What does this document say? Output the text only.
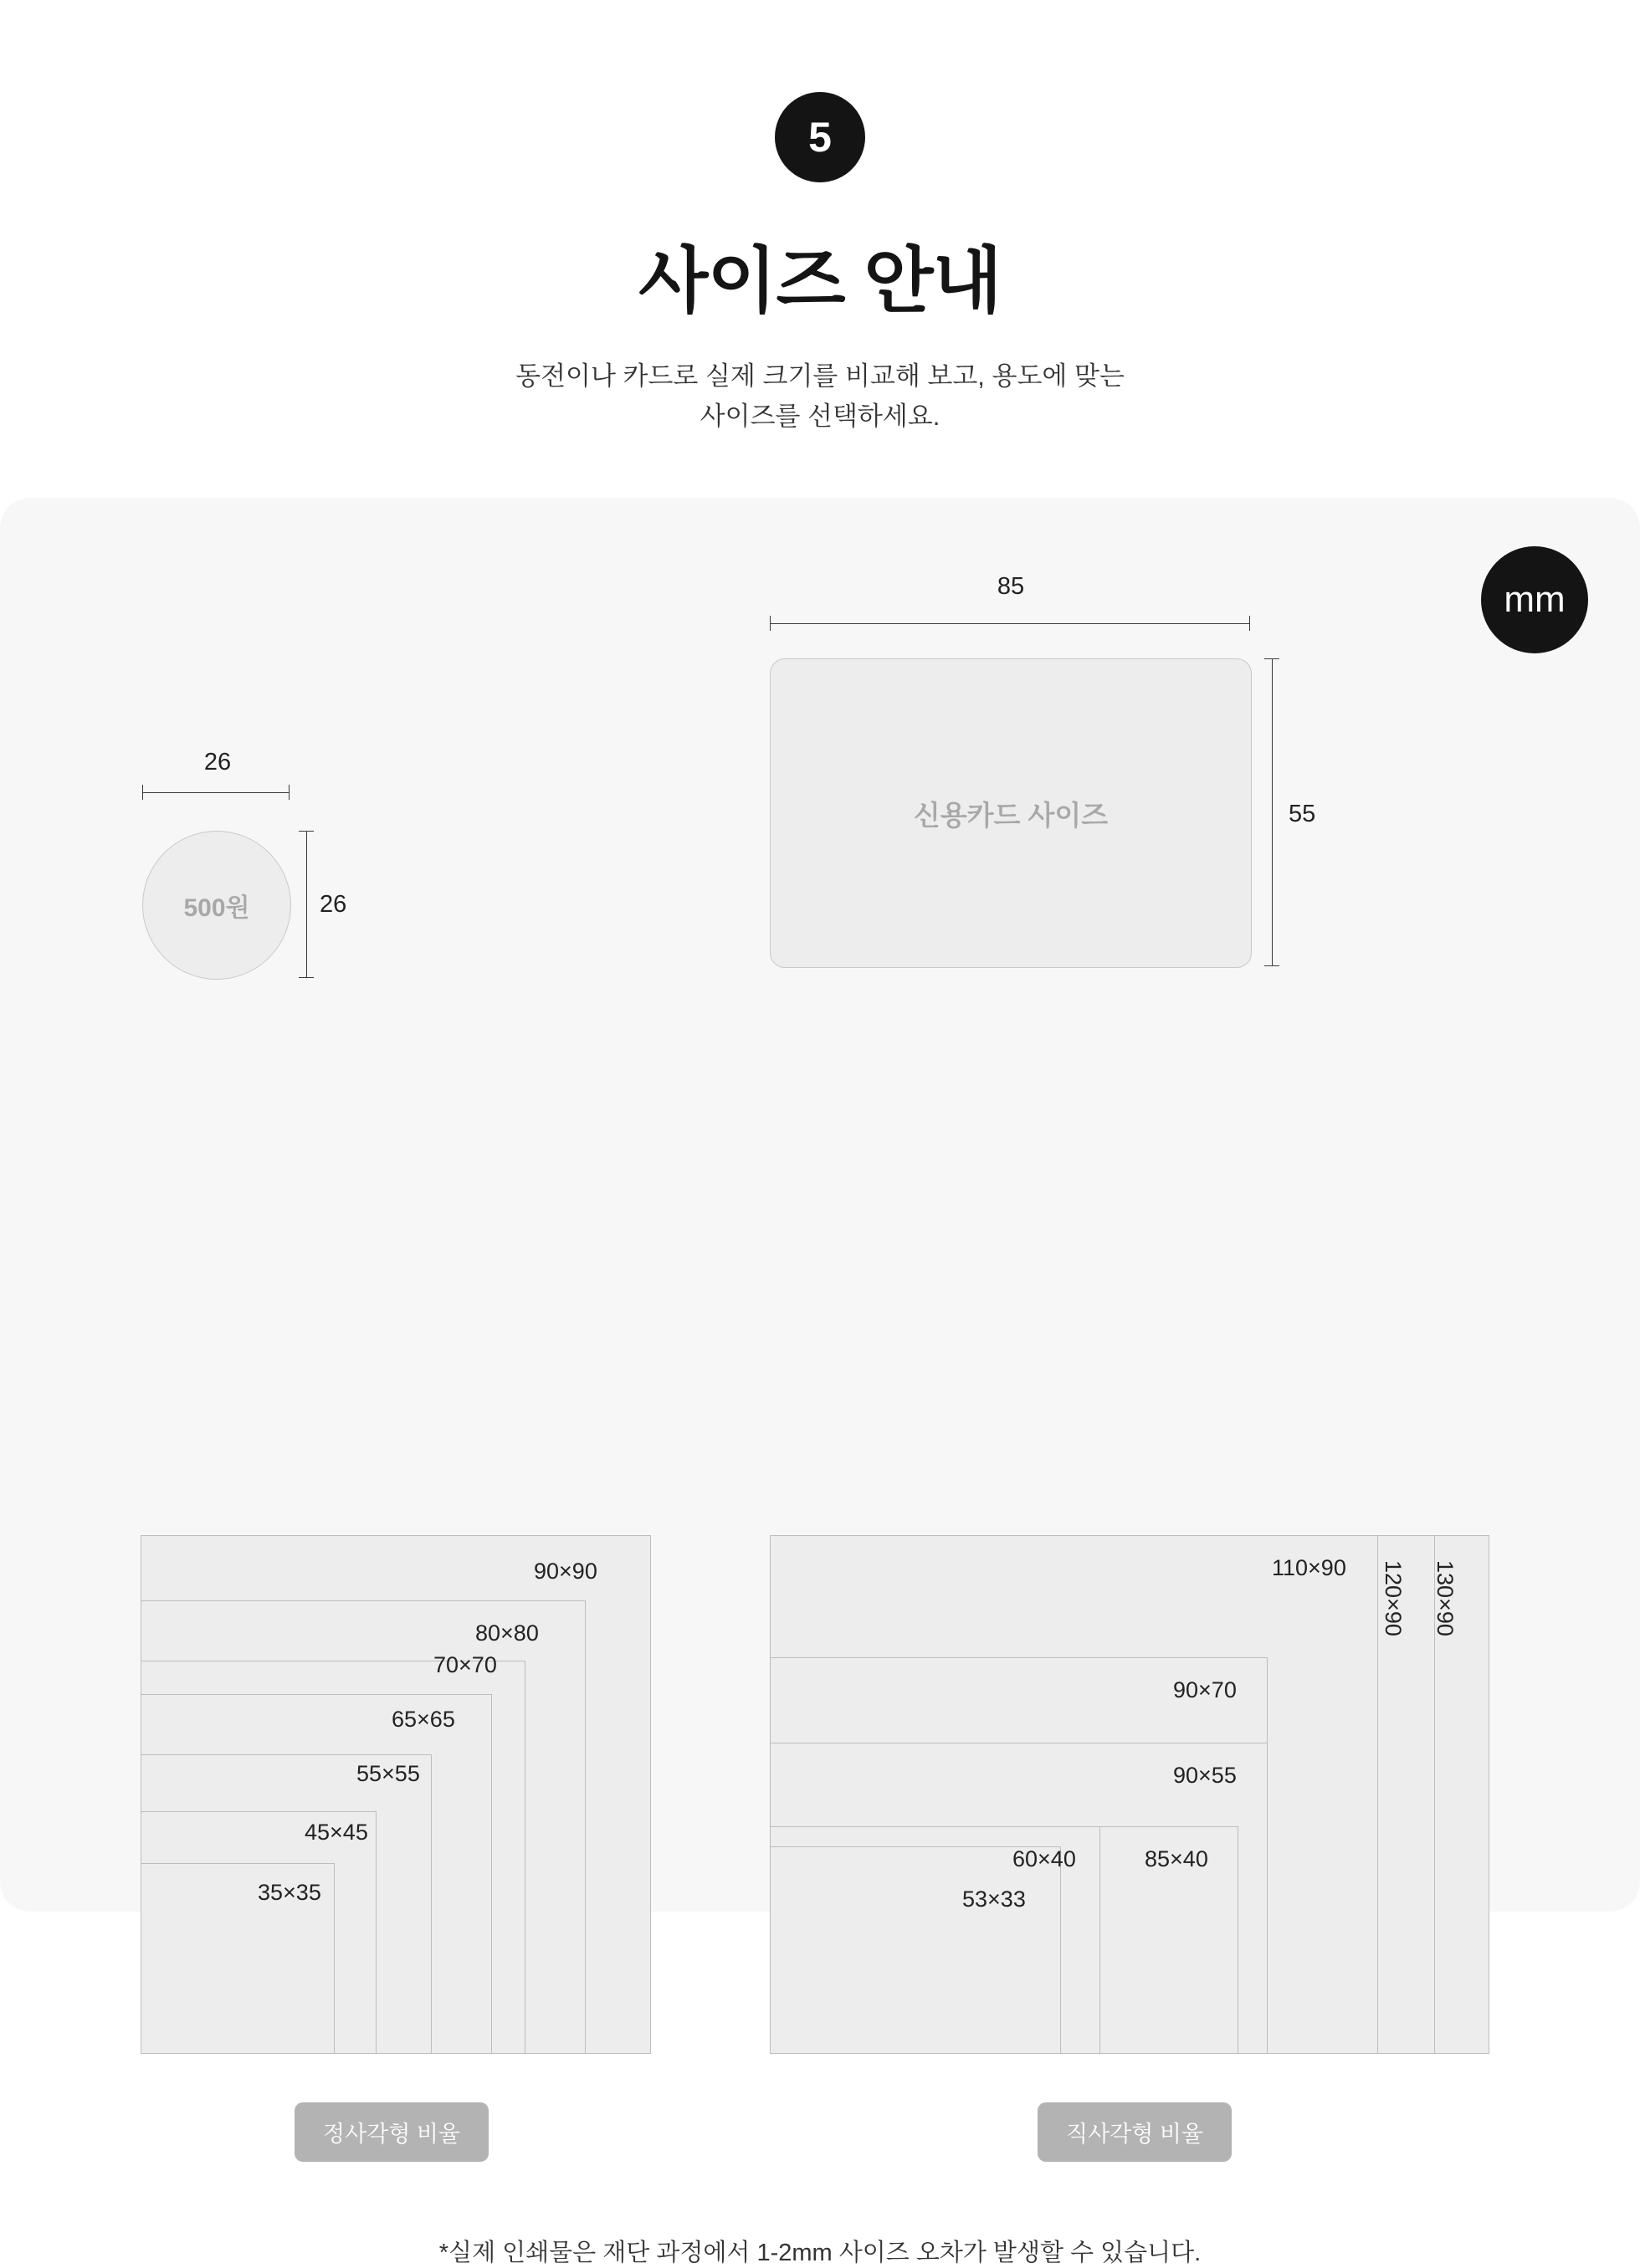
5
사이즈 안내
동전이나 카드로 실제 크기를 비교해 보고, 용도에 맞는
사이즈를 선택하세요.
mm
26
500원	26
85
신용카드 사이즈	55
90×90
80×80
70×70
65×65
55×55
45×45
35×35
130×90
120×90
110×90
90×70
90×55
85×40
60×40
53×33
정사각형 비율	직사각형 비율
*실제 인쇄물은 재단 과정에서 1-2mm 사이즈 오차가 발생할 수 있습니다.
